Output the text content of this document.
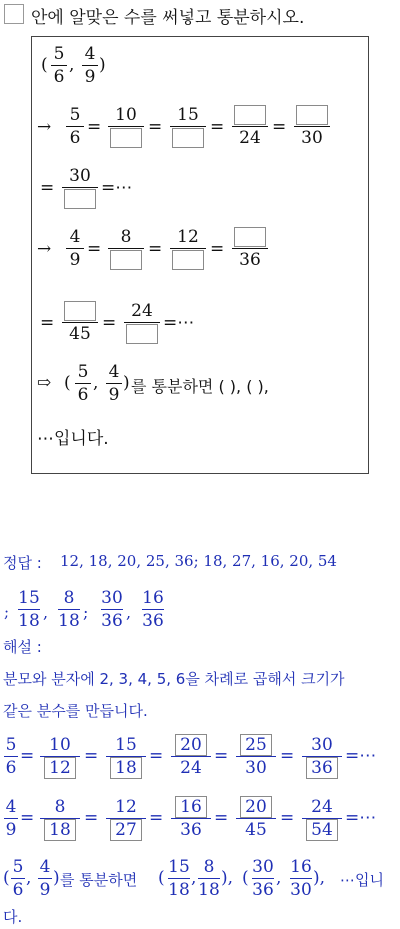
안에 알맞은 수를 써넣고 통분하시오.
(
5
6
,
4
9
)
→
5
6
=
10
=
15
=
24
=
30
=
30
=⋯
→
4
9
=
8
=
12
=
36
=
45
=
24
=⋯
⇨ (
5
6
,
4
9
) 를 통분하면 ( ), ( ),
⋯입니다.
정답 : 12, 18, 20, 25, 36; 18, 27, 16, 20, 54
;
15
18 ,
8
18 ;
30
36 ,
16
36
해설 :
분모와 분자에 2, 3, 4, 5, 6을 차례로 곱해서 크기가
같은 분수를 만듭니다.
5
6
=
10
12
=
15
18
=
20
24
=
25
30
=
30
36
=⋯
4
9
=
8
18
=
12
27
=
16
36
=
20
45
=
24
54
=⋯
(
5
6
,
4
9
) 를 통분하면 (
15
18
,
8
18
), (
30
36
,
16
30
), ⋯입니
다.
